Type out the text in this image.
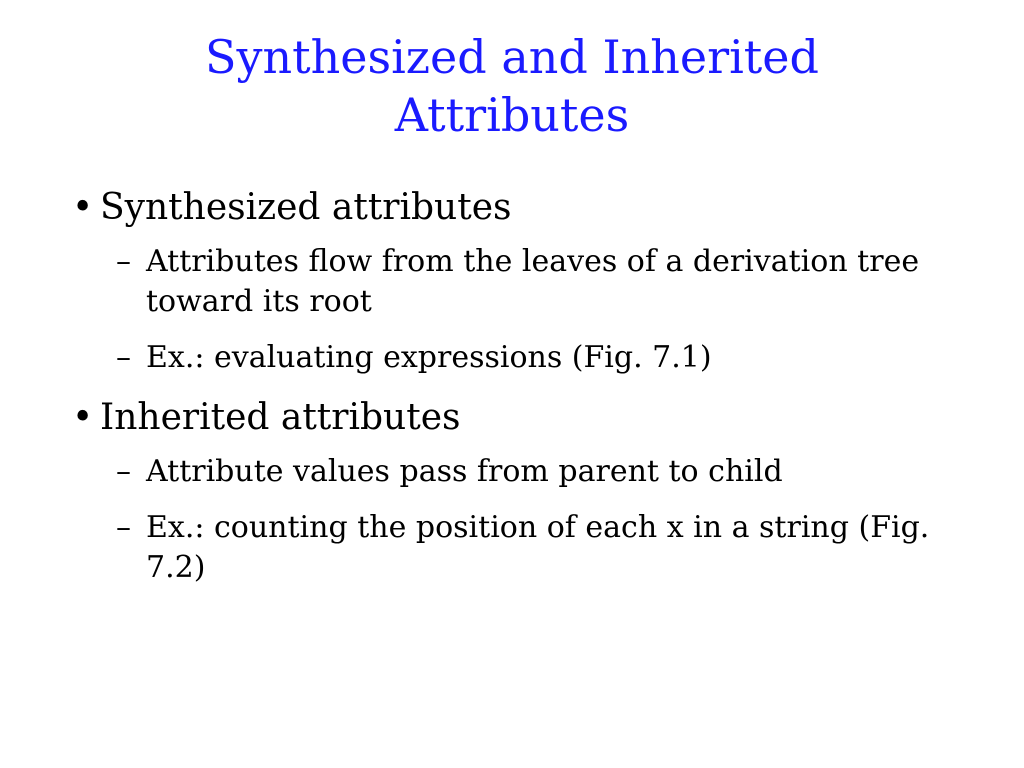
Synthesized and Inherited
Attributes
• Synthesized attributes
– Attributes flow from the leaves of a derivation tree toward its root
– Ex.: evaluating expressions (Fig. 7.1)
• Inherited attributes
– Attribute values pass from parent to child
– Ex.: counting the position of each x in a string (Fig. 7.2)
